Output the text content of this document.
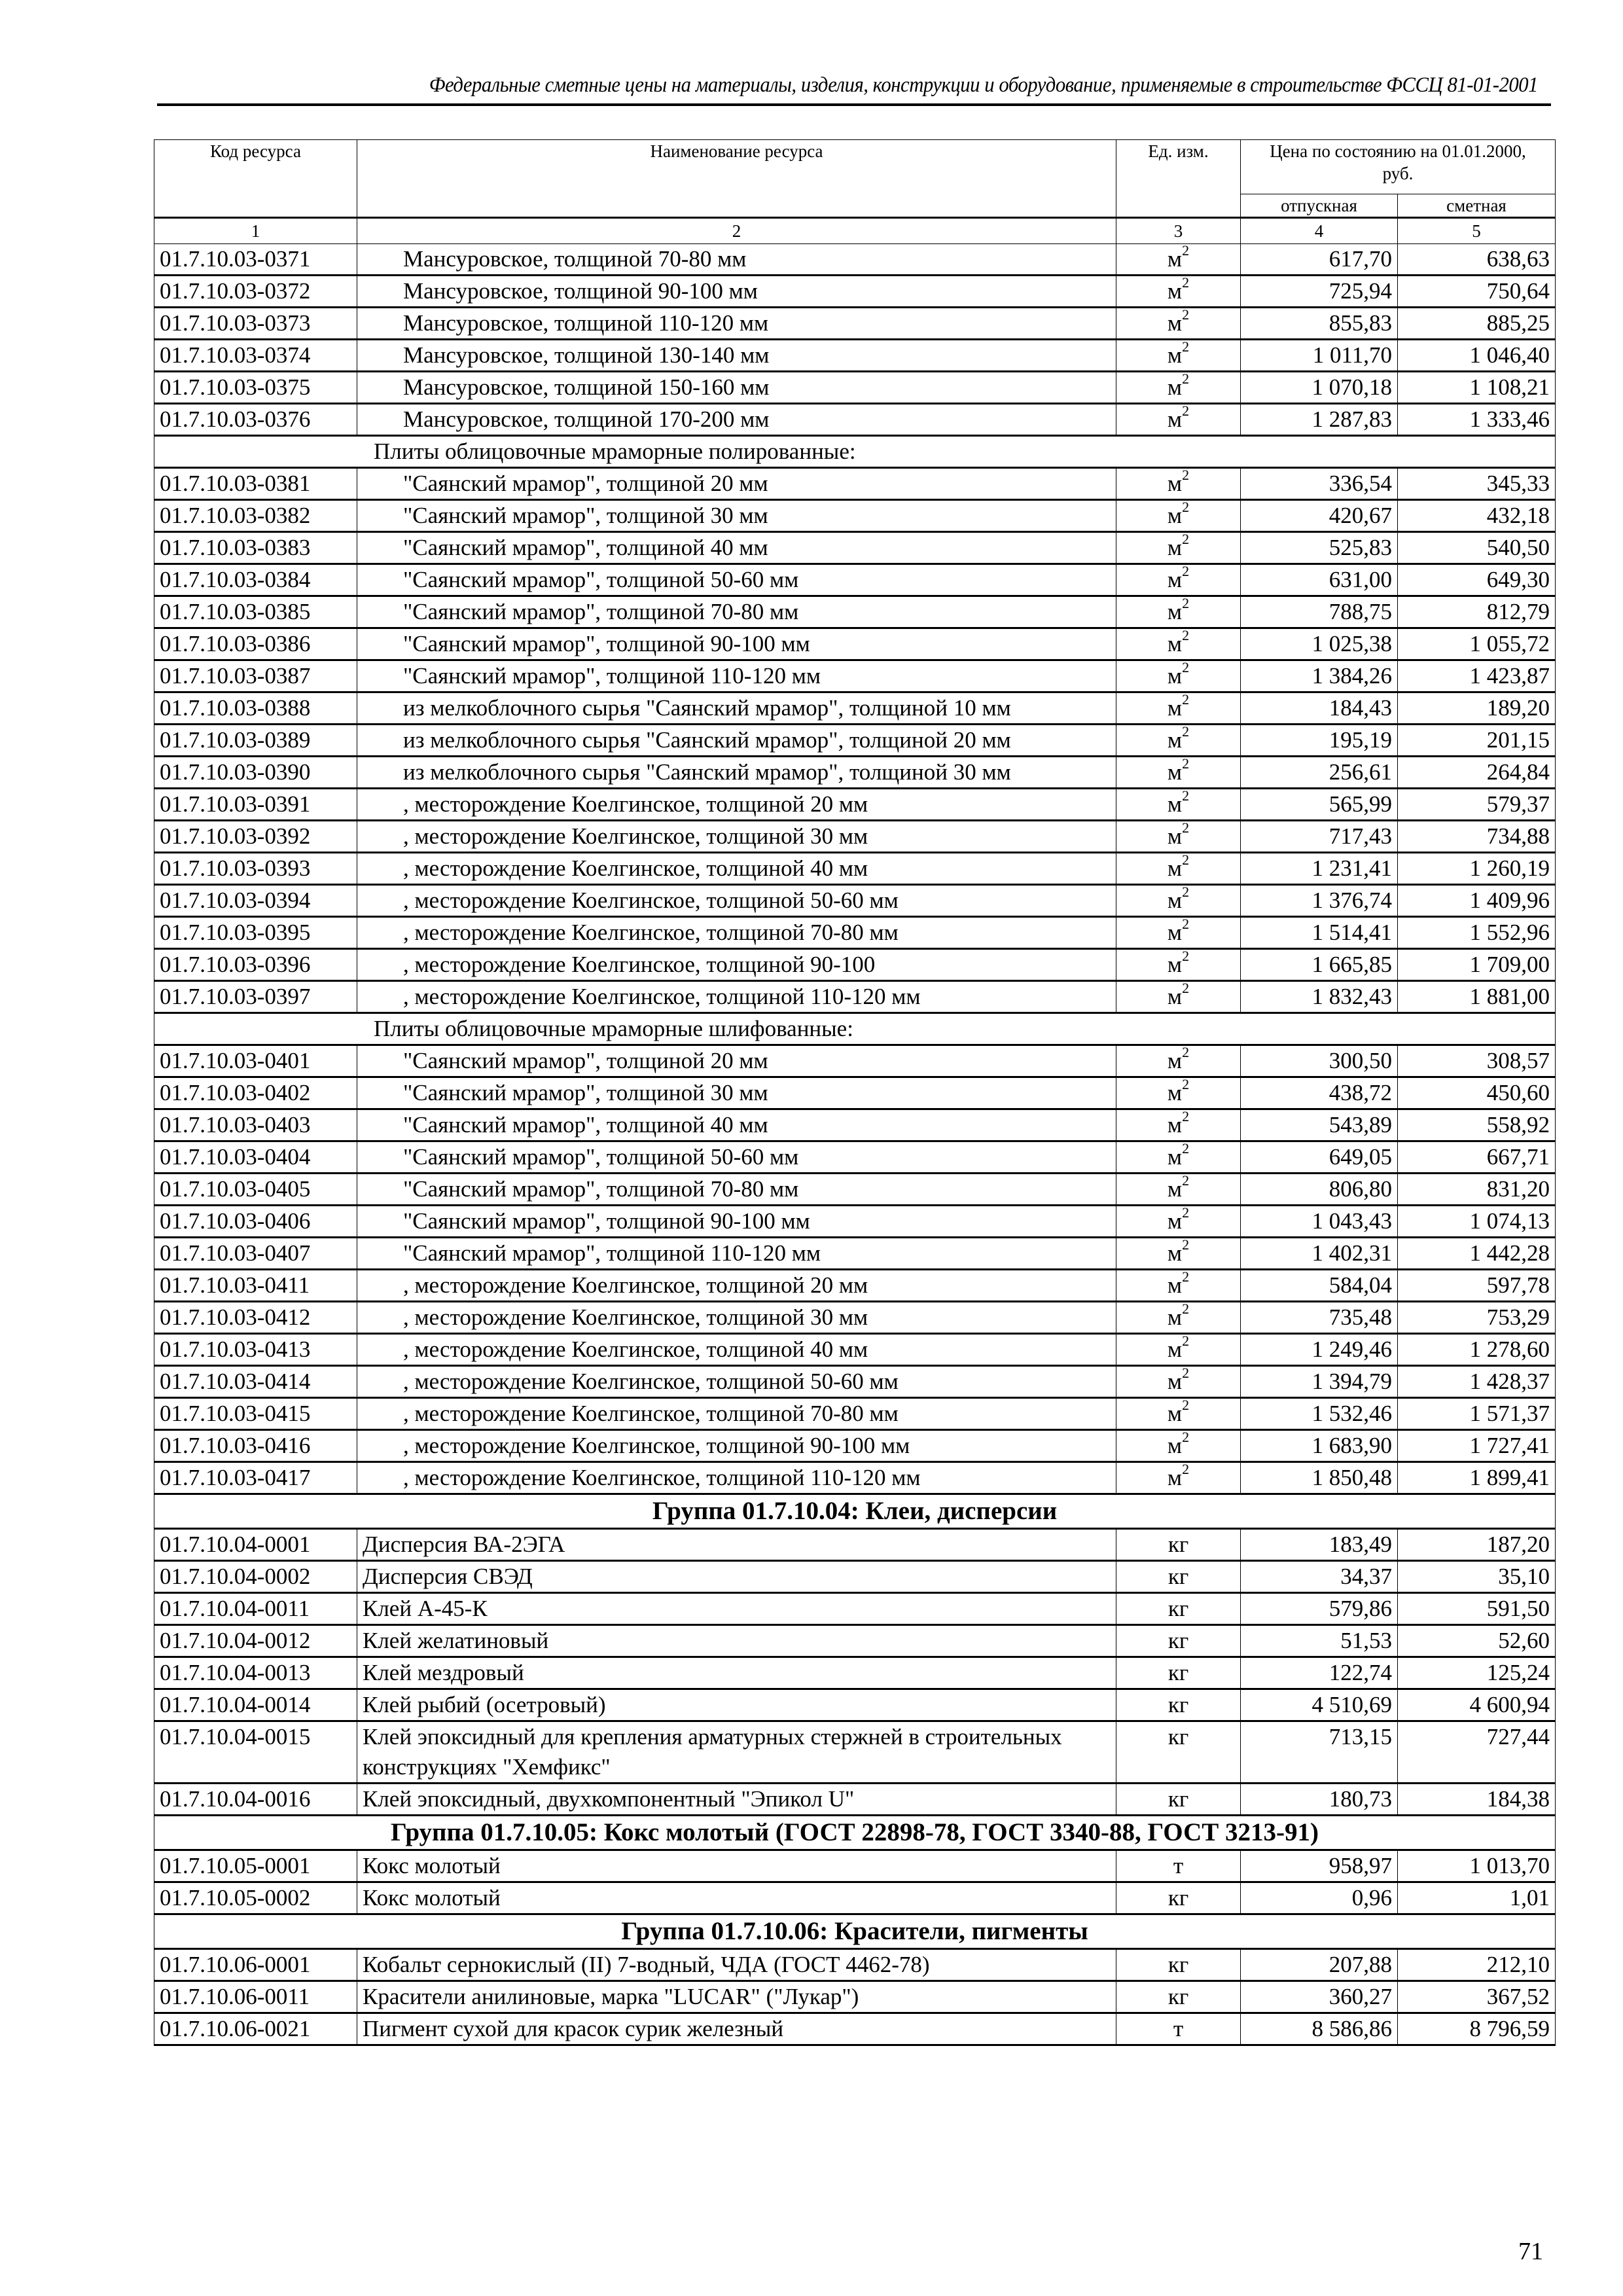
Федеральные сметные цены на материалы, изделия, конструкции и оборудование, применяемые в строительстве ФССЦ 81-01-2001
Код ресурса	Наименование ресурса	Ед. изм.	Цена по состоянию на 01.01.2000, руб.	
			отпускная	сметная
1	2	3	4	5
01.7.10.03-0371	Мансуровское, толщиной 70-80 мм	$м^2$	617,70	638,63
01.7.10.03-0372	Мансуровское, толщиной 90-100 мм	$м^2$	725,94	750,64
01.7.10.03-0373	Мансуровское, толщиной 110-120 мм	$м^2$	855,83	885,25
01.7.10.03-0374	Мансуровское, толщиной 130-140 мм	$м^2$	1 011,70	1 046,40
01.7.10.03-0375	Мансуровское, толщиной 150-160 мм	$м^2$	1 070,18	1 108,21
01.7.10.03-0376	Мансуровское, толщиной 170-200 мм	$м^2$	1 287,83	1 333,46
Плиты облицовочные мраморные полированные:				
01.7.10.03-0381	"Саянский мрамор", толщиной 20 мм	$м^2$	336,54	345,33
01.7.10.03-0382	"Саянский мрамор", толщиной 30 мм	$м^2$	420,67	432,18
01.7.10.03-0383	"Саянский мрамор", толщиной 40 мм	$м^2$	525,83	540,50
01.7.10.03-0384	"Саянский мрамор", толщиной 50-60 мм	$м^2$	631,00	649,30
01.7.10.03-0385	"Саянский мрамор", толщиной 70-80 мм	$м^2$	788,75	812,79
01.7.10.03-0386	"Саянский мрамор", толщиной 90-100 мм	$м^2$	1 025,38	1 055,72
01.7.10.03-0387	"Саянский мрамор", толщиной 110-120 мм	$м^2$	1 384,26	1 423,87
01.7.10.03-0388	из мелкоблочного сырья "Саянский мрамор", толщиной 10 мм	$м^2$	184,43	189,20
01.7.10.03-0389	из мелкоблочного сырья "Саянский мрамор", толщиной 20 мм	$м^2$	195,19	201,15
01.7.10.03-0390	из мелкоблочного сырья "Саянский мрамор", толщиной 30 мм	$м^2$	256,61	264,84
01.7.10.03-0391	, месторождение Коелгинское, толщиной 20 мм	$м^2$	565,99	579,37
01.7.10.03-0392	, месторождение Коелгинское, толщиной 30 мм	$м^2$	717,43	734,88
01.7.10.03-0393	, месторождение Коелгинское, толщиной 40 мм	$м^2$	1 231,41	1 260,19
01.7.10.03-0394	, месторождение Коелгинское, толщиной 50-60 мм	$м^2$	1 376,74	1 409,96
01.7.10.03-0395	, месторождение Коелгинское, толщиной 70-80 мм	$м^2$	1 514,41	1 552,96
01.7.10.03-0396	, месторождение Коелгинское, толщиной 90-100	$м^2$	1 665,85	1 709,00
01.7.10.03-0397	, месторождение Коелгинское, толщиной 110-120 мм	$м^2$	1 832,43	1 881,00
Плиты облицовочные мраморные шлифованные:				
01.7.10.03-0401	"Саянский мрамор", толщиной 20 мм	$м^2$	300,50	308,57
01.7.10.03-0402	"Саянский мрамор", толщиной 30 мм	$м^2$	438,72	450,60
01.7.10.03-0403	"Саянский мрамор", толщиной 40 мм	$м^2$	543,89	558,92
01.7.10.03-0404	"Саянский мрамор", толщиной 50-60 мм	$м^2$	649,05	667,71
01.7.10.03-0405	"Саянский мрамор", толщиной 70-80 мм	$м^2$	806,80	831,20
01.7.10.03-0406	"Саянский мрамор", толщиной 90-100 мм	$м^2$	1 043,43	1 074,13
01.7.10.03-0407	"Саянский мрамор", толщиной 110-120 мм	$м^2$	1 402,31	1 442,28
01.7.10.03-0411	, месторождение Коелгинское, толщиной 20 мм	$м^2$	584,04	597,78
01.7.10.03-0412	, месторождение Коелгинское, толщиной 30 мм	$м^2$	735,48	753,29
01.7.10.03-0413	, месторождение Коелгинское, толщиной 40 мм	$м^2$	1 249,46	1 278,60
01.7.10.03-0414	, месторождение Коелгинское, толщиной 50-60 мм	$м^2$	1 394,79	1 428,37
01.7.10.03-0415	, месторождение Коелгинское, толщиной 70-80 мм	$м^2$	1 532,46	1 571,37
01.7.10.03-0416	, месторождение Коелгинское, толщиной 90-100 мм	$м^2$	1 683,90	1 727,41
01.7.10.03-0417	, месторождение Коелгинское, толщиной 110-120 мм	$м^2$	1 850,48	1 899,41
Группа 01.7.10.04: Клеи, дисперсии				
01.7.10.04-0001	Дисперсия ВА-2ЭГА	кг	183,49	187,20
01.7.10.04-0002	Дисперсия СВЭД	кг	34,37	35,10
01.7.10.04-0011	Клей А-45-К	кг	579,86	591,50
01.7.10.04-0012	Клей желатиновый	кг	51,53	52,60
01.7.10.04-0013	Клей мездровый	кг	122,74	125,24
01.7.10.04-0014	Клей рыбий (осетровый)	кг	4 510,69	4 600,94
01.7.10.04-0015	Клей эпоксидный для крепления арматурных стержней в строительных конструкциях "Хемфикс"	кг	713,15	727,44
01.7.10.04-0016	Клей эпоксидный, двухкомпонентный "Эпикол U"	кг	180,73	184,38
Группа 01.7.10.05: Кокс молотый (ГОСТ 22898-78, ГОСТ 3340-88, ГОСТ 3213-91)				
01.7.10.05-0001	Кокс молотый	т	958,97	1 013,70
01.7.10.05-0002	Кокс молотый	кг	0,96	1,01
Группа 01.7.10.06: Красители, пигменты				
01.7.10.06-0001	Кобальт сернокислый (II) 7-водный, ЧДА (ГОСТ 4462-78)	кг	207,88	212,10
01.7.10.06-0011	Красители анилиновые, марка "LUCAR" ("Лукар")	кг	360,27	367,52
01.7.10.06-0021	Пигмент сухой для красок сурик железный	т	8 586,86	8 796,59
71
